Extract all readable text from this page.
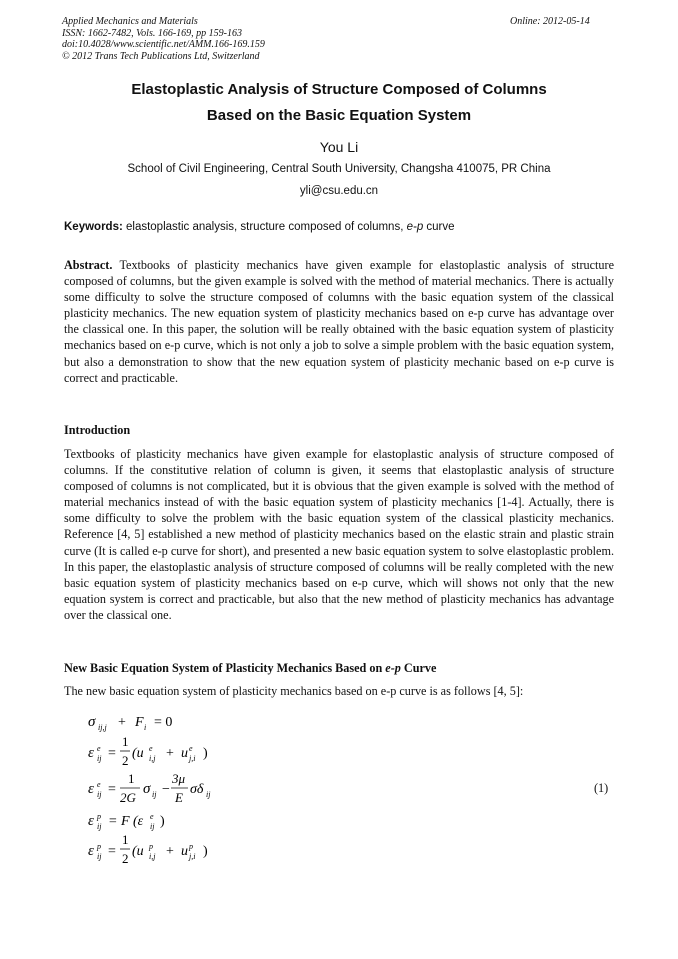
Applied Mechanics and Materials
ISSN: 1662-7482, Vols. 166-169, pp 159-163
doi:10.4028/www.scientific.net/AMM.166-169.159
© 2012 Trans Tech Publications Ltd, Switzerland
Online: 2012-05-14
Elastoplastic Analysis of Structure Composed of Columns
Based on the Basic Equation System
You Li
School of Civil Engineering, Central South University, Changsha 410075, PR China
yli@csu.edu.cn
Keywords: elastoplastic analysis, structure composed of columns, e-p curve
Abstract. Textbooks of plasticity mechanics have given example for elastoplastic analysis of structure composed of columns, but the given example is solved with the method of material mechanics. There is actually some difficulty to solve the structure composed of columns with the basic equation system of the classical plasticity mechanics. The new equation system of plasticity mechanics based on e-p curve has advantage over the classical one. In this paper, the solution will be really obtained with the basic equation system of plasticity mechanics based on e-p curve, which is not only a job to solve a simple problem with the basic equation system, but also a demonstration to show that the new equation system of plasticity mechanic based on e-p curve is correct and practicable.
Introduction
Textbooks of plasticity mechanics have given example for elastoplastic analysis of structure composed of columns. If the constitutive relation of column is given, it seems that elastoplastic analysis of structure composed of columns is not complicated, but it is obvious that the given example is solved with the method of material mechanics instead of with the basic equation system of plasticity mechanics [1-4]. Actually, there is some difficulty to solve the problem with the basic equation system of the classical plasticity mechanics. Reference [4, 5] established a new method of plasticity mechanics based on the elastic strain and plastic strain curve (It is called e-p curve for short), and presented a new basic equation system to solve elastoplastic problem. In this paper, the elastoplastic analysis of structure composed of columns will be really completed with the new basic equation system of plasticity mechanics based on e-p curve, which will shows not only that the new equation system is correct and practicable, but also that the new method of plasticity mechanics has advantage over the classical one.
New Basic Equation System of Plasticity Mechanics Based on e-p Curve
The new basic equation system of plasticity mechanics based on e-p curve is as follows [4, 5]:
σ ij,j + F i = 0
ε e
ij =
1
2 (u e
i,j + u e
j,i )
ε e
ij =
1
2G
σ ij −
3μ
E
σδ ij
ε p
ij = F (ε e
ij )
ε p
ij =
1
2 (u p
i,j + u p
j,i )
(1)
